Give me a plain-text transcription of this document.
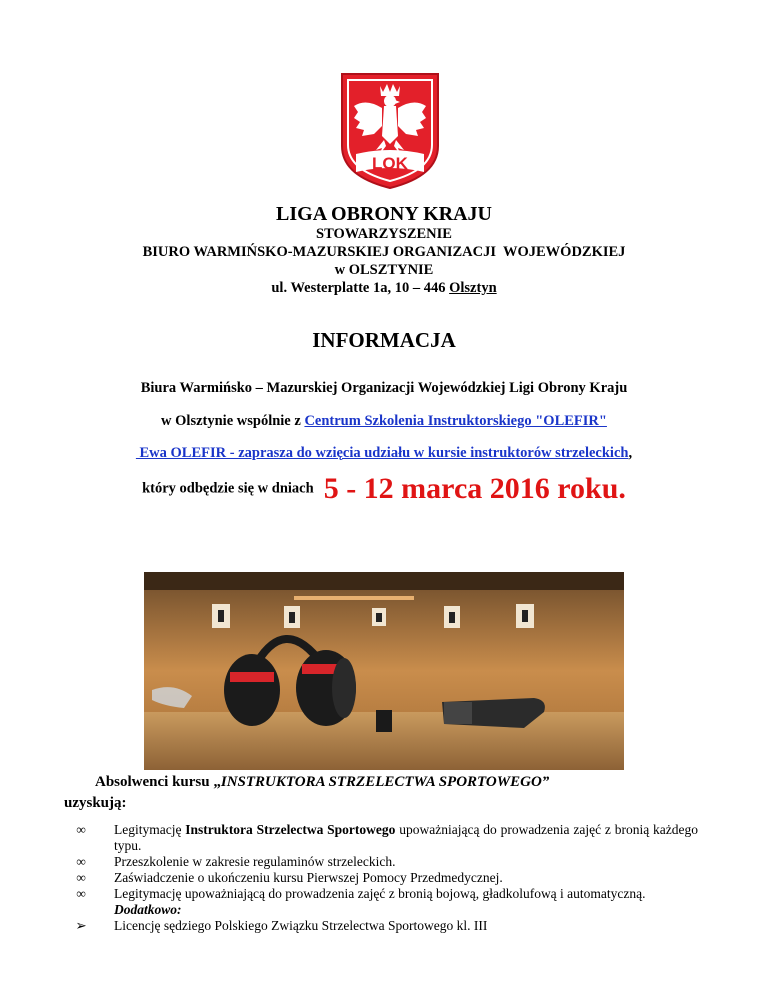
LOK
LIGA OBRONY KRAJU
STOWARZYSZENIE
BIURO WARMIŃSKO-MAZURSKIEJ ORGANIZACJI  WOJEWÓDZKIEJ
w OLSZTYNIE
ul. Westerplatte 1a, 10 – 446 Olsztyn
INFORMACJA
Biura Warmińsko – Mazurskiej Organizacji Wojewódzkiej Ligi Obrony Kraju
w Olsztynie wspólnie z Centrum Szkolenia Instruktorskiego "OLEFIR"
Ewa OLEFIR - zaprasza do wzięcia udziału w kursie instruktorów strzeleckich,
który odbędzie się w dniach 5 - 12 marca 2016 roku.
Absolwenci kursu „INSTRUKTORA STRZELECTWA SPORTOWEGO”
uzyskują:
∞ Legitymację Instruktora Strzelectwa Sportowego upoważniającą do prowadzenia zajęć z bronią każdego typu.
∞ Przeszkolenie w zakresie regulaminów strzeleckich.
∞ Zaświadczenie o ukończeniu kursu Pierwszej Pomocy Przedmedycznej.
∞ Legitymację upoważniającą do prowadzenia zajęć z bronią bojową, gładkolufową i automatyczną.
Dodatkowo:
➢ Licencję sędziego Polskiego Związku Strzelectwa Sportowego kl. III
